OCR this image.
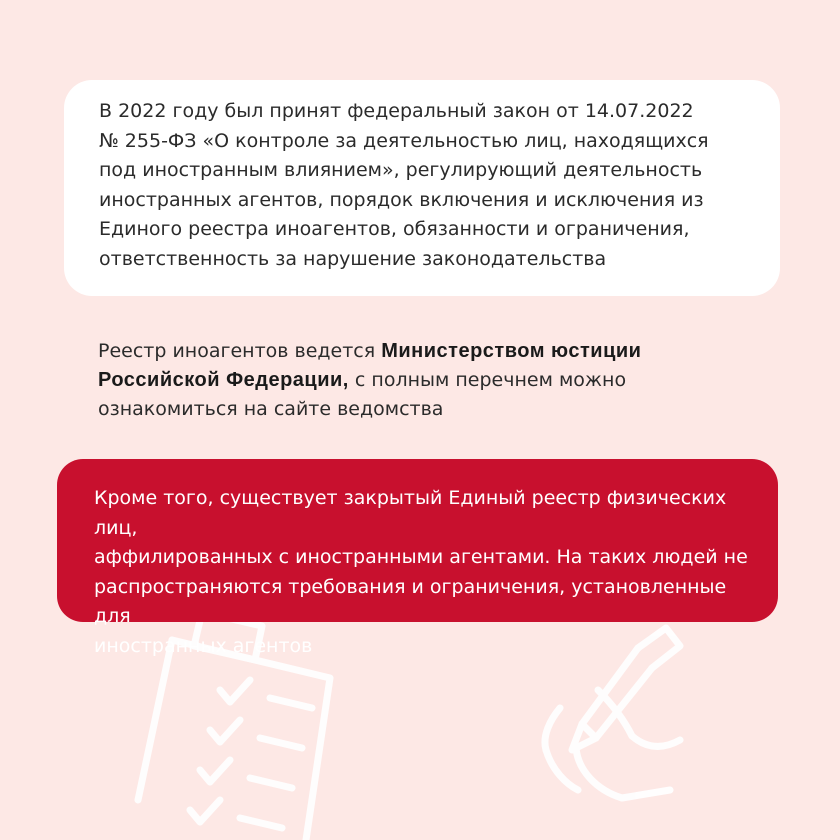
В 2022 году был принят федеральный закон от 14.07.2022
№ 255-ФЗ «О контроле за деятельностью лиц, находящихся
под иностранным влиянием», регулирующий деятельность
иностранных агентов, порядок включения и исключения из
Единого реестра иноагентов, обязанности и ограничения,
ответственность за нарушение законодательства
Реестр иноагентов ведется Министерством юстиции
Российской Федерации, с полным перечнем можно
ознакомиться на сайте ведомства
Кроме того, существует закрытый Единый реестр физических лиц,
аффилированных с иностранными агентами. На таких людей не
распространяются требования и ограничения, установленные для
иностранных агентов
